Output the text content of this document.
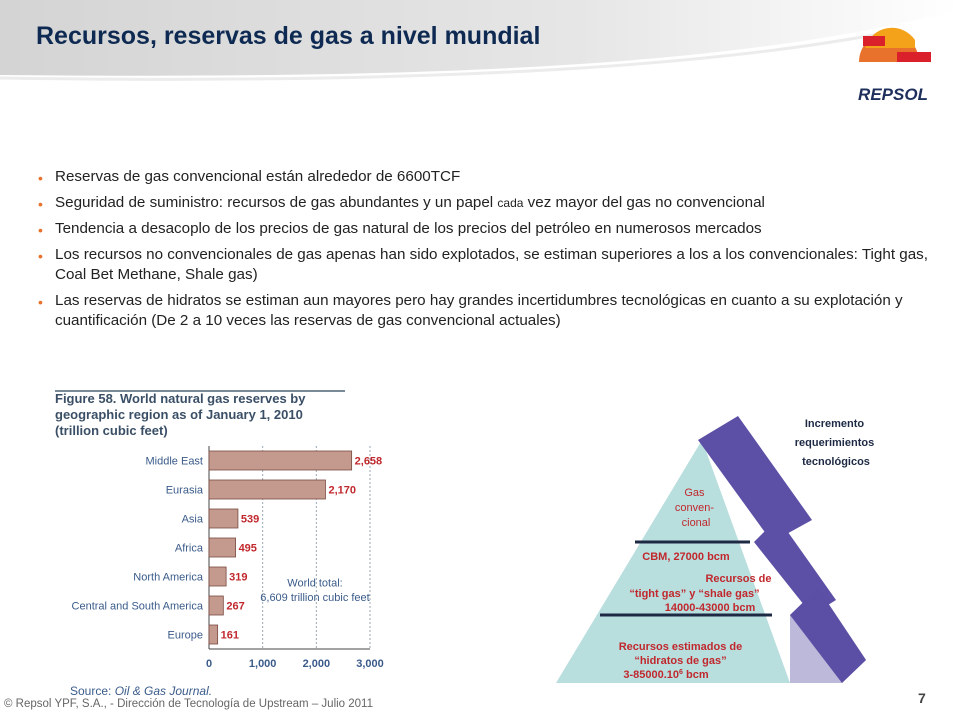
Recursos, reservas de gas a nivel mundial
REPSOL
• Reservas de gas convencional están alrededor de 6600TCF
• Seguridad de suministro: recursos de gas abundantes y un papel cada vez mayor del gas no convencional
• Tendencia a desacoplo de los precios de gas natural de los precios del petróleo en numerosos mercados
• Los recursos no convencionales de gas apenas han sido explotados, se estiman superiores a los a los convencionales: Tight gas, Coal Bet Methane, Shale gas)
• Las reservas de hidratos se estiman aun mayores pero hay grandes incertidumbres tecnológicas en cuanto a su explotación y cuantificación (De 2 a 10 veces las reservas de gas convencional actuales)
Figure 58. World natural gas reserves by
geographic region as of January 1, 2010
(trillion cubic feet)
0	1,000 2,000 3,000
Middle East	2,658
Eurasia	2,170
Asia	539
Africa	495
North America 319
Central and South America 267
Europe 161
World total:
6,609 trillion cubic feet
Source: Oil & Gas Journal.
Incremento requerimientos tecnológicos
Gas conven- cional
CBM, 27000 bcm
Recursos de “tight gas” y “shale gas” 14000-43000 bcm
Recursos estimados de “hidratos de gas” 3-85000.10$^6$ bcm
© Repsol YPF, S.A., - Dirección de Tecnología de Upstream – Julio 2011	7
